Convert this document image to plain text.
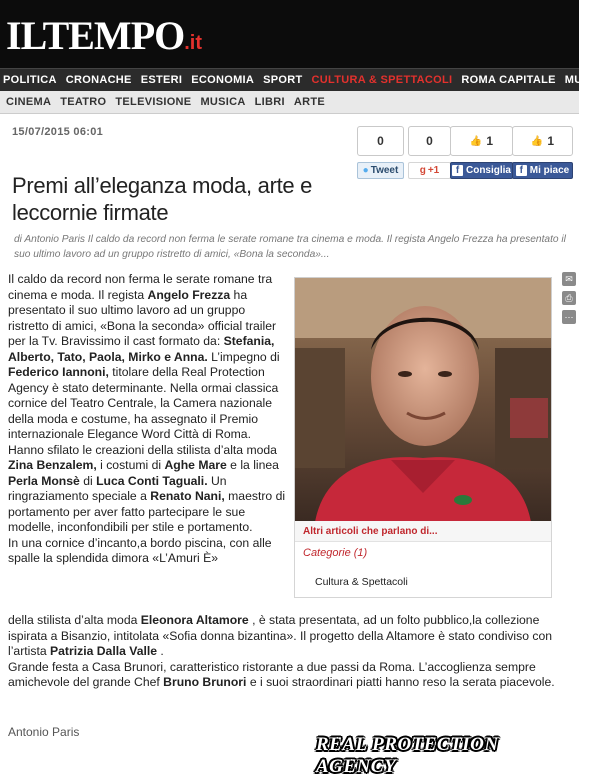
ILTEMPO.it
POLITICA CRONACHE ESTERI ECONOMIA SPORT CULTURA & SPETTACOLI ROMA CAPITALE MULTIM
CINEMA TEATRO TELEVISIONE MUSICA LIBRI ARTE
15/07/2015 06:01
0	0	👍 1	👍 1
● Tweet g +1	f Consiglia f Mi piace
Premi all’eleganza moda, arte e leccornie firmate
di Antonio Paris Il caldo da record non ferma le serate romane tra cinema e moda. Il regista Angelo Frezza ha presentato il suo ultimo lavoro ad un gruppo ristretto di amici, «Bona la seconda»...
✉
⎙
⋯
Il caldo da record non ferma le serate romane tra cinema e moda. Il regista Angelo Frezza ha presentato il suo ultimo lavoro ad un gruppo ristretto di amici, «Bona la seconda» official trailer per la Tv. Bravissimo il cast formato da: Stefania, Alberto, Tato, Paola, Mirko e Anna. L’impegno di Federico Iannoni, titolare della Real Protection Agency è stato determinante. Nella ormai classica cornice del Teatro Centrale, la Camera nazionale della moda e costume, ha assegnato il Premio internazionale Elegance Word Città di Roma. Hanno sfilato le creazioni della stilista d’alta moda Zina Benzalem, i costumi di Aghe Mare e la linea Perla Monsè di Luca Conti Taguali. Un ringraziamento speciale a Renato Nani, maestro di portamento per aver fatto partecipare le sue modelle, inconfondibili per stile e portamento.
In una cornice d’incanto,a bordo piscina, con alle spalle la splendida dimora «L’Amuri È»
Altri articoli che parlano di...
Categorie (1)
Cultura & Spettacoli
della stilista d’alta moda Eleonora Altamore , è stata presentata, ad un folto pubblico,la collezione ispirata a Bisanzio, intitolata «Sofia donna bizantina». Il progetto della Altamore è stato condiviso con l’artista Patrizia Dalla Valle .
Grande festa a Casa Brunori, caratteristico ristorante a due passi da Roma. L’accoglienza sempre amichevole del grande Chef Bruno Brunori e i suoi straordinari piatti hanno reso la serata piacevole.
Antonio Paris
REAL PROTECTION AGENCY
